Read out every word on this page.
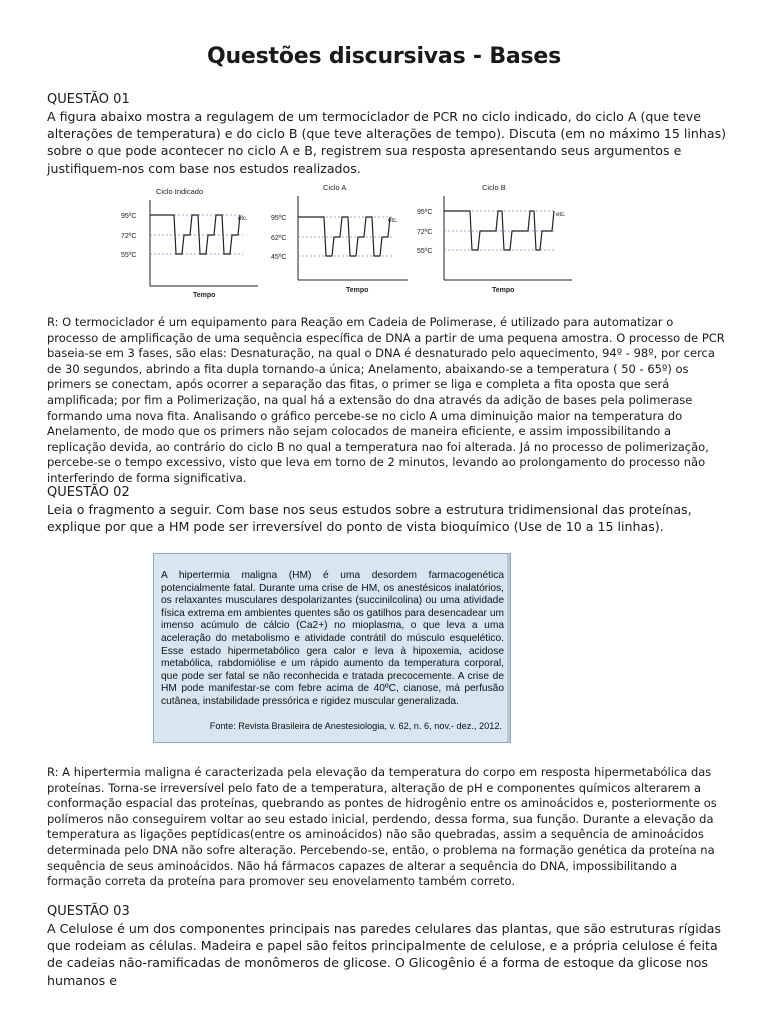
Questões discursivas - Bases
QUESTÃO 01
A figura abaixo mostra a regulagem de um termociclador de PCR no ciclo indicado, do ciclo A (que teve alterações de temperatura) e do ciclo B (que teve alterações de tempo). Discuta (em no máximo 15 linhas) sobre o que pode acontecer no ciclo A e B, registrem sua resposta apresentando seus argumentos e justifiquem-nos com base nos estudos realizados.
Ciclo Indicado
95ºC
72ºC
55ºC
etc.
Tempo
Ciclo A
95ºC
62ºC
45ºC
etc.
Tempo
Ciclo B
95ºC
72ºC
55ºC
etc.
Tempo
R: O termociclador é um equipamento para Reação em Cadeia de Polimerase, é utilizado para automatizar o processo de amplificação de uma sequência específica de DNA a partir de uma pequena amostra. O processo de PCR baseia-se em 3 fases, são elas: Desnaturação, na qual o DNA é desnaturado pelo aquecimento, 94º - 98º, por cerca de 30 segundos, abrindo a fita dupla tornando-a única; Anelamento, abaixando-se a temperatura ( 50 - 65º) os primers se conectam, após ocorrer a separação das fitas, o primer se liga e completa a fita oposta que será amplificada; por fim a Polimerização, na qual há a extensão do dna através da adição de bases pela polimerase formando uma nova fita. Analisando o gráfico percebe-se no ciclo A uma diminuição maior na temperatura do Anelamento, de modo que os primers não sejam colocados de maneira eficiente, e assim impossibilitando a replicação devida, ao contrário do ciclo B no qual a temperatura nao foi alterada. Já no processo de polimerização, percebe-se o tempo excessivo, visto que leva em torno de 2 minutos, levando ao prolongamento do processo não interferindo de forma significativa.
QUESTÃO 02
Leia o fragmento a seguir. Com base nos seus estudos sobre a estrutura tridimensional das proteínas, explique por que a HM pode ser irreversível do ponto de vista bioquímico (Use de 10 a 15 linhas).
A hipertermia maligna (HM) é uma desordem farmacogenética potencialmente fatal. Durante uma crise de HM, os anestésicos inalatórios, os relaxantes musculares despolarizantes (succinilcolina) ou uma atividade física extrema em ambientes quentes são os gatilhos para desencadear um imenso acúmulo de cálcio (Ca2+) no mioplasma, o que leva a uma aceleração do metabolismo e atividade contrátil do músculo esquelético. Esse estado hipermetabólico gera calor e leva à hipoxemia, acidose metabólica, rabdomiólise e um rápido aumento da temperatura corporal, que pode ser fatal se não reconhecida e tratada precocemente. A crise de HM pode manifestar-se com febre acima de 40ºC, cianose, má perfusão cutânea, instabilidade pressórica e rigidez muscular generalizada.
Fonte: Revista Brasileira de Anestesiologia, v. 62, n. 6, nov.- dez., 2012.
R: A hipertermia maligna é caracterizada pela elevação da temperatura do corpo em resposta hipermetabólica das proteínas. Torna-se irreversível pelo fato de a temperatura, alteração de pH e componentes químicos alterarem a conformação espacial das proteínas, quebrando as pontes de hidrogênio entre os aminoácidos e, posteriormente os polímeros não conseguirem voltar ao seu estado inicial, perdendo, dessa forma, sua função. Durante a elevação da temperatura as ligações peptídicas(entre os aminoácidos) não são quebradas, assim a sequência de aminoácidos determinada pelo DNA não sofre alteração. Percebendo-se, então, o problema na formação genética da proteína na sequência de seus aminoácidos. Não há fármacos capazes de alterar a sequência do DNA, impossibilitando a formação correta da proteína para promover seu enovelamento também correto.
QUESTÃO 03
A Celulose é um dos componentes principais nas paredes celulares das plantas, que são estruturas rígidas que rodeiam as células. Madeira e papel são feitos principalmente de celulose, e a própria celulose é feita de cadeias não-ramificadas de monômeros de glicose. O Glicogênio é a forma de estoque da glicose nos humanos e
